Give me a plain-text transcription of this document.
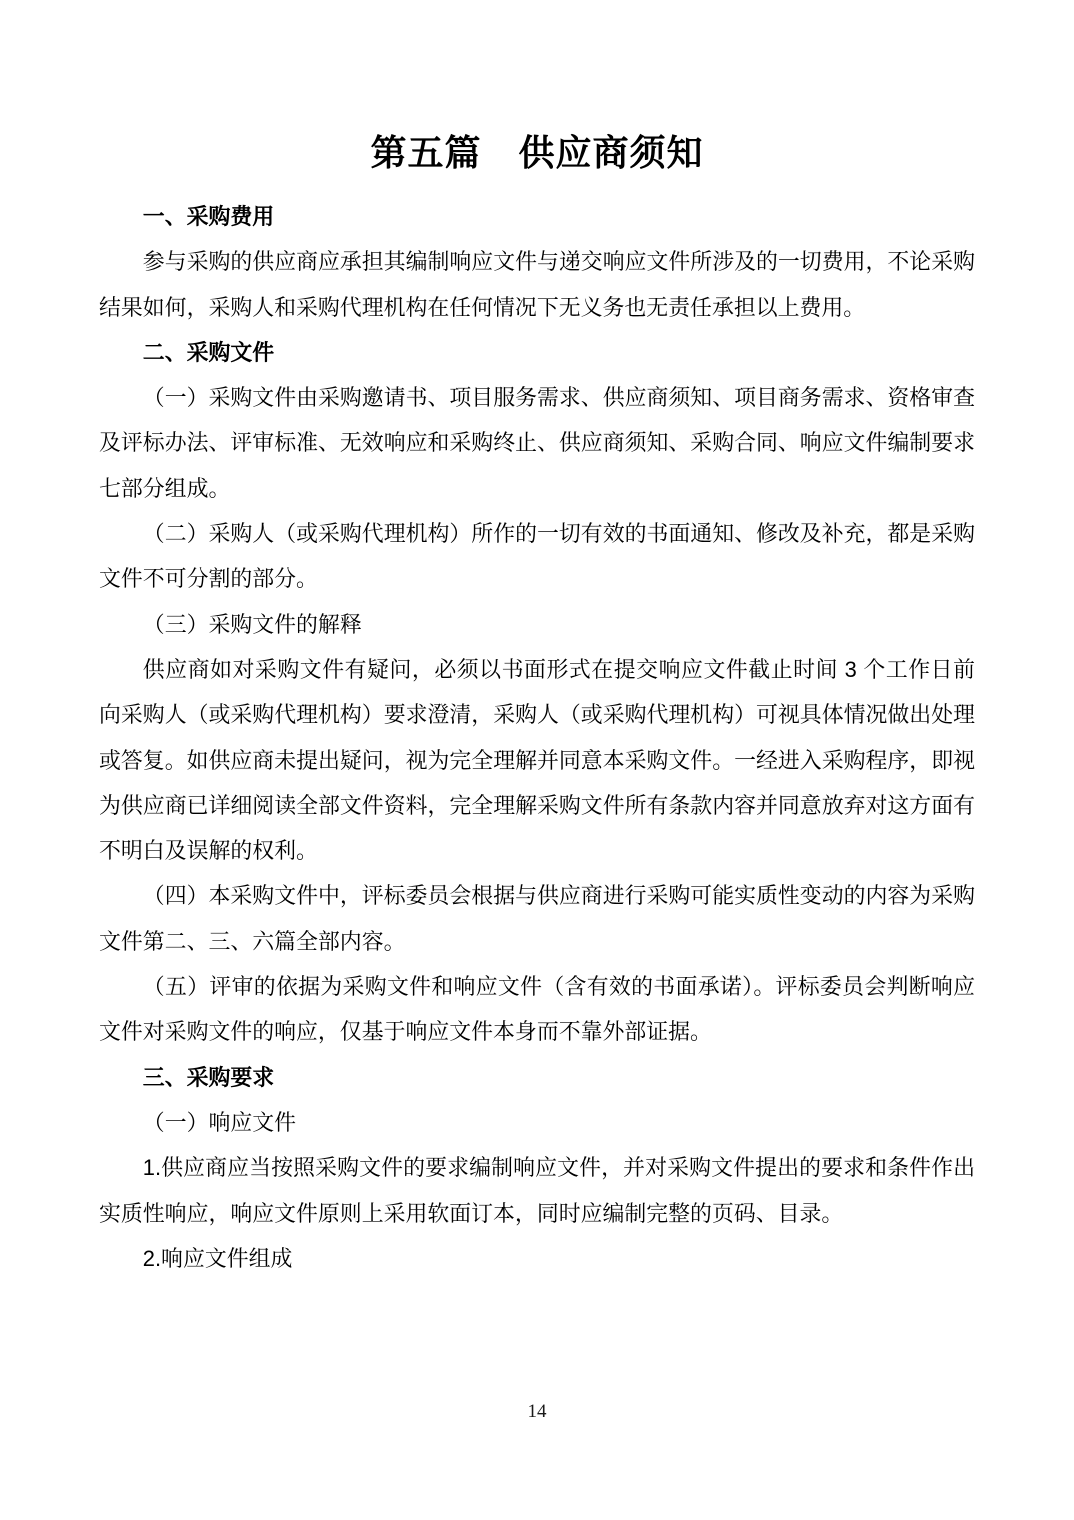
第五篇　供应商须知
一、采购费用
参与采购的供应商应承担其编制响应文件与递交响应文件所涉及的一切费用，不论采购结果如何，采购人和采购代理机构在任何情况下无义务也无责任承担以上费用。
二、采购文件
（一）采购文件由采购邀请书、项目服务需求、供应商须知、项目商务需求、资格审查及评标办法、评审标准、无效响应和采购终止、供应商须知、采购合同、响应文件编制要求七部分组成。
（二）采购人（或采购代理机构）所作的一切有效的书面通知、修改及补充，都是采购文件不可分割的部分。
（三）采购文件的解释
供应商如对采购文件有疑问，必须以书面形式在提交响应文件截止时间 3 个工作日前向采购人（或采购代理机构）要求澄清，采购人（或采购代理机构）可视具体情况做出处理或答复。如供应商未提出疑问，视为完全理解并同意本采购文件。一经进入采购程序，即视为供应商已详细阅读全部文件资料，完全理解采购文件所有条款内容并同意放弃对这方面有不明白及误解的权利。
（四）本采购文件中，评标委员会根据与供应商进行采购可能实质性变动的内容为采购文件第二、三、六篇全部内容。
（五）评审的依据为采购文件和响应文件（含有效的书面承诺）。评标委员会判断响应文件对采购文件的响应，仅基于响应文件本身而不靠外部证据。
三、采购要求
（一）响应文件
1.供应商应当按照采购文件的要求编制响应文件，并对采购文件提出的要求和条件作出实质性响应，响应文件原则上采用软面订本，同时应编制完整的页码、目录。
2.响应文件组成
14
